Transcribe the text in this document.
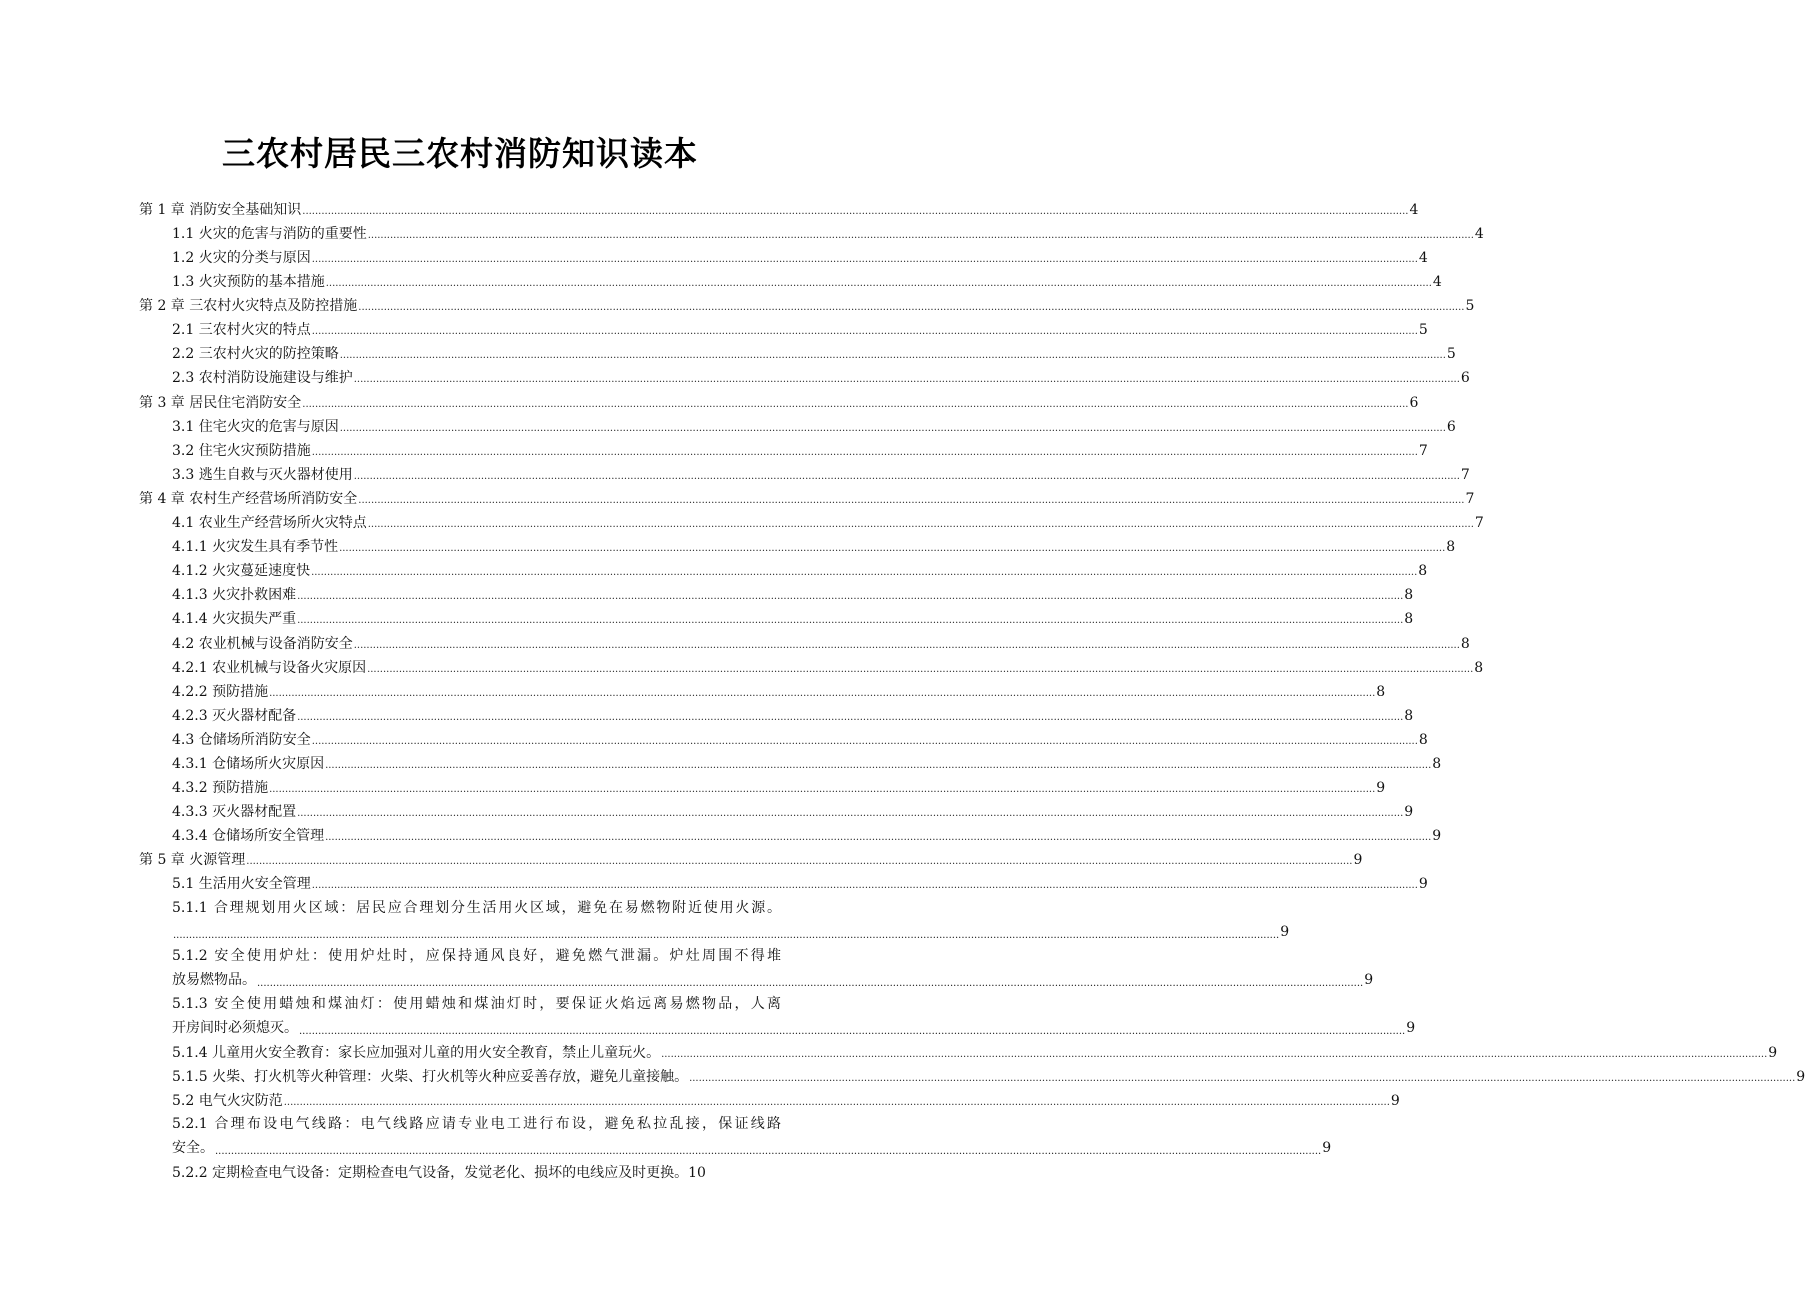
三农村居民三农村消防知识读本
第 1 章 消防安全基础知识 ............................................................................................................................................................................................................................................................................................................................................................ 4
1.1 火灾的危害与消防的重要性 ............................................................................................................................................................................................................................................................................................................................................................ 4
1.2 火灾的分类与原因 ............................................................................................................................................................................................................................................................................................................................................................ 4
1.3 火灾预防的基本措施 ............................................................................................................................................................................................................................................................................................................................................................ 4
第 2 章 三农村火灾特点及防控措施 ............................................................................................................................................................................................................................................................................................................................................................ 5
2.1 三农村火灾的特点 ............................................................................................................................................................................................................................................................................................................................................................ 5
2.2 三农村火灾的防控策略 ............................................................................................................................................................................................................................................................................................................................................................ 5
2.3 农村消防设施建设与维护 ............................................................................................................................................................................................................................................................................................................................................................ 6
第 3 章 居民住宅消防安全 ............................................................................................................................................................................................................................................................................................................................................................ 6
3.1 住宅火灾的危害与原因 ............................................................................................................................................................................................................................................................................................................................................................ 6
3.2 住宅火灾预防措施 ............................................................................................................................................................................................................................................................................................................................................................ 7
3.3 逃生自救与灭火器材使用 ............................................................................................................................................................................................................................................................................................................................................................ 7
第 4 章 农村生产经营场所消防安全 ............................................................................................................................................................................................................................................................................................................................................................ 7
4.1 农业生产经营场所火灾特点 ............................................................................................................................................................................................................................................................................................................................................................ 7
4.1.1 火灾发生具有季节性 ............................................................................................................................................................................................................................................................................................................................................................ 8
4.1.2 火灾蔓延速度快 ............................................................................................................................................................................................................................................................................................................................................................ 8
4.1.3 火灾扑救困难 ............................................................................................................................................................................................................................................................................................................................................................ 8
4.1.4 火灾损失严重 ............................................................................................................................................................................................................................................................................................................................................................ 8
4.2 农业机械与设备消防安全 ............................................................................................................................................................................................................................................................................................................................................................ 8
4.2.1 农业机械与设备火灾原因 ............................................................................................................................................................................................................................................................................................................................................................ 8
4.2.2 预防措施 ............................................................................................................................................................................................................................................................................................................................................................ 8
4.2.3 灭火器材配备 ............................................................................................................................................................................................................................................................................................................................................................ 8
4.3 仓储场所消防安全 ............................................................................................................................................................................................................................................................................................................................................................ 8
4.3.1 仓储场所火灾原因 ............................................................................................................................................................................................................................................................................................................................................................ 8
4.3.2 预防措施 ............................................................................................................................................................................................................................................................................................................................................................ 9
4.3.3 灭火器材配置 ............................................................................................................................................................................................................................................................................................................................................................ 9
4.3.4 仓储场所安全管理 ............................................................................................................................................................................................................................................................................................................................................................ 9
第 5 章 火源管理 ............................................................................................................................................................................................................................................................................................................................................................ 9
5.1 生活用火安全管理 ............................................................................................................................................................................................................................................................................................................................................................ 9
5.1.1 合理规划用火区域：居民应合理划分生活用火区域，避免在易燃物附近使用火源。
............................................................................................................................................................................................................................................................................................................................................................ 9
5.1.2 安全使用炉灶：使用炉灶时，应保持通风良好，避免燃气泄漏。炉灶周围不得堆
放易燃物品。 ............................................................................................................................................................................................................................................................................................................................................................ 9
5.1.3 安全使用蜡烛和煤油灯：使用蜡烛和煤油灯时，要保证火焰远离易燃物品，人离
开房间时必须熄灭。 ............................................................................................................................................................................................................................................................................................................................................................ 9
5.1.4 儿童用火安全教育：家长应加强对儿童的用火安全教育，禁止儿童玩火。 ............................................................................................................................................................................................................................................................................................................................................................ 9
5.1.5 火柴、打火机等火种管理：火柴、打火机等火种应妥善存放，避免儿童接触。 ............................................................................................................................................................................................................................................................................................................................................................ 9
5.2 电气火灾防范 ............................................................................................................................................................................................................................................................................................................................................................ 9
5.2.1 合理布设电气线路：电气线路应请专业电工进行布设，避免私拉乱接，保证线路
安全。 ............................................................................................................................................................................................................................................................................................................................................................ 9
5.2.2 定期检查电气设备：定期检查电气设备，发觉老化、损坏的电线应及时更换。 10
